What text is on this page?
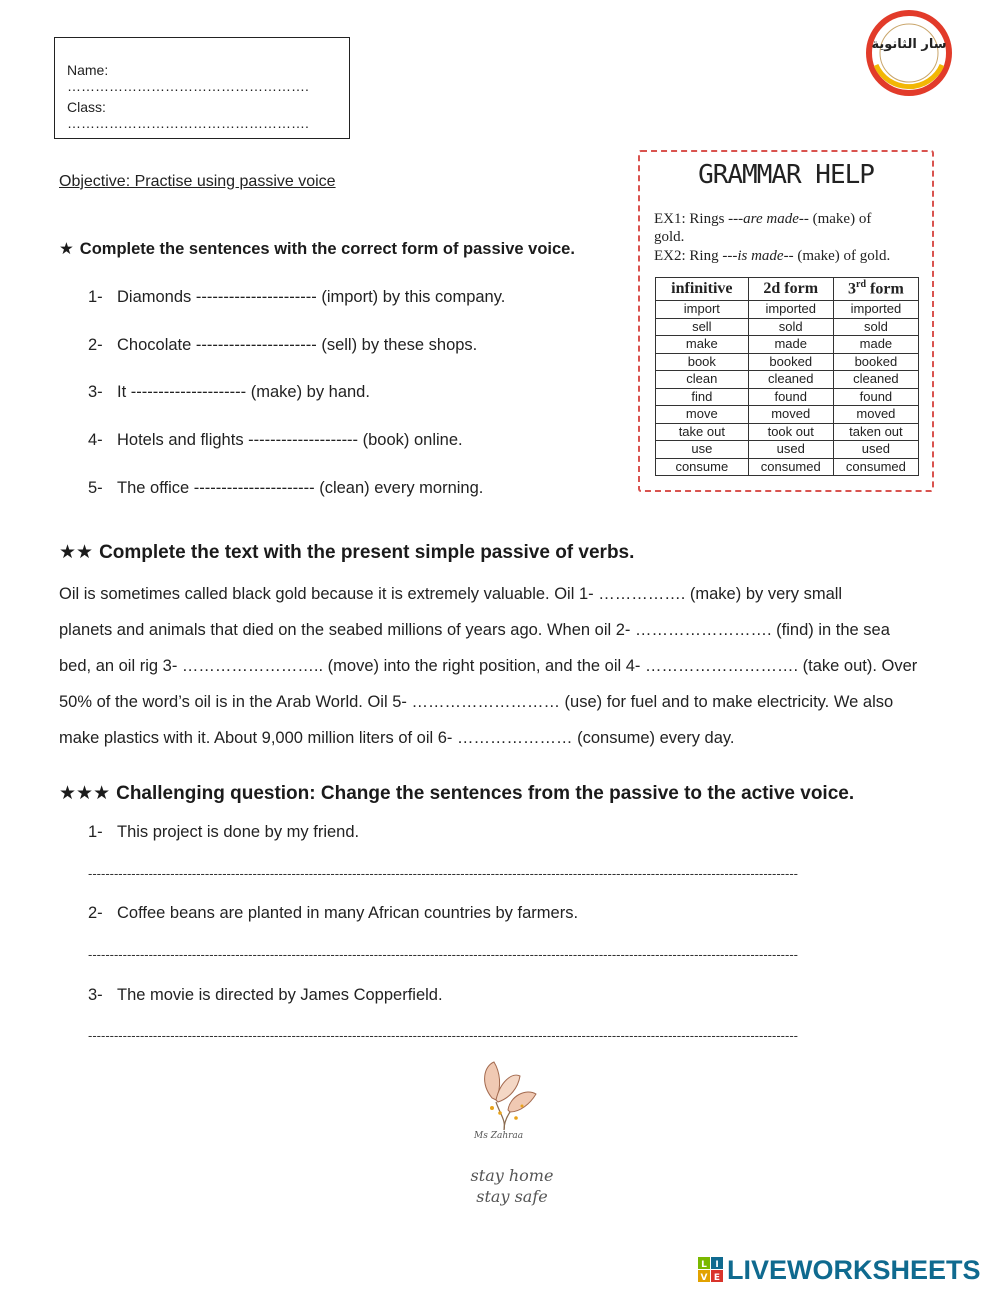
Name: …………………………………………….
Class: …………………………………………….
سار الثانوية
Objective: Practise using passive voice
★ Complete the sentences with the correct form of passive voice.
1- Diamonds ---------------------- (import) by this company.
2- Chocolate ---------------------- (sell) by these shops.
3- It --------------------- (make) by hand.
4- Hotels and flights -------------------- (book) online.
5- The office ---------------------- (clean) every morning.
GRAMMAR HELP
EX1: Rings ---are made-- (make) of
gold.
EX2: Ring ---is made-- (make) of gold.
infinitive	2d form	3rd form
import	imported	imported
sell	sold	sold
make	made	made
book	booked	booked
clean	cleaned	cleaned
find	found	found
move	moved	moved
take out	took out	taken out
use	used	used
consume	consumed	consumed
★★ Complete the text with the present simple passive of verbs.
Oil is sometimes called black gold because it is extremely valuable. Oil 1- ……………. (make) by very small
planets and animals that died on the seabed millions of years ago. When oil 2- ……………………. (find) in the sea
bed, an oil rig 3- …………………….. (move) into the right position, and the oil 4- ………………………. (take out). Over
50% of the word’s oil is in the Arab World. Oil 5- ……………………… (use) for fuel and to make electricity. We also
make plastics with it. About 9,000 million liters of oil 6- ………………… (consume) every day.
★★★ Challenging question: Change the sentences from the passive to the active voice.
1- This project is done by my friend.
--------------------------------------------------------------------------------------------------------------------------------------------------------------------
2- Coffee beans are planted in many African countries by farmers.
--------------------------------------------------------------------------------------------------------------------------------------------------------------------
3- The movie is directed by James Copperfield.
--------------------------------------------------------------------------------------------------------------------------------------------------------------------
Ms Zahraa
stay home
stay safe
L I
V E LIVEWORKSHEETS
